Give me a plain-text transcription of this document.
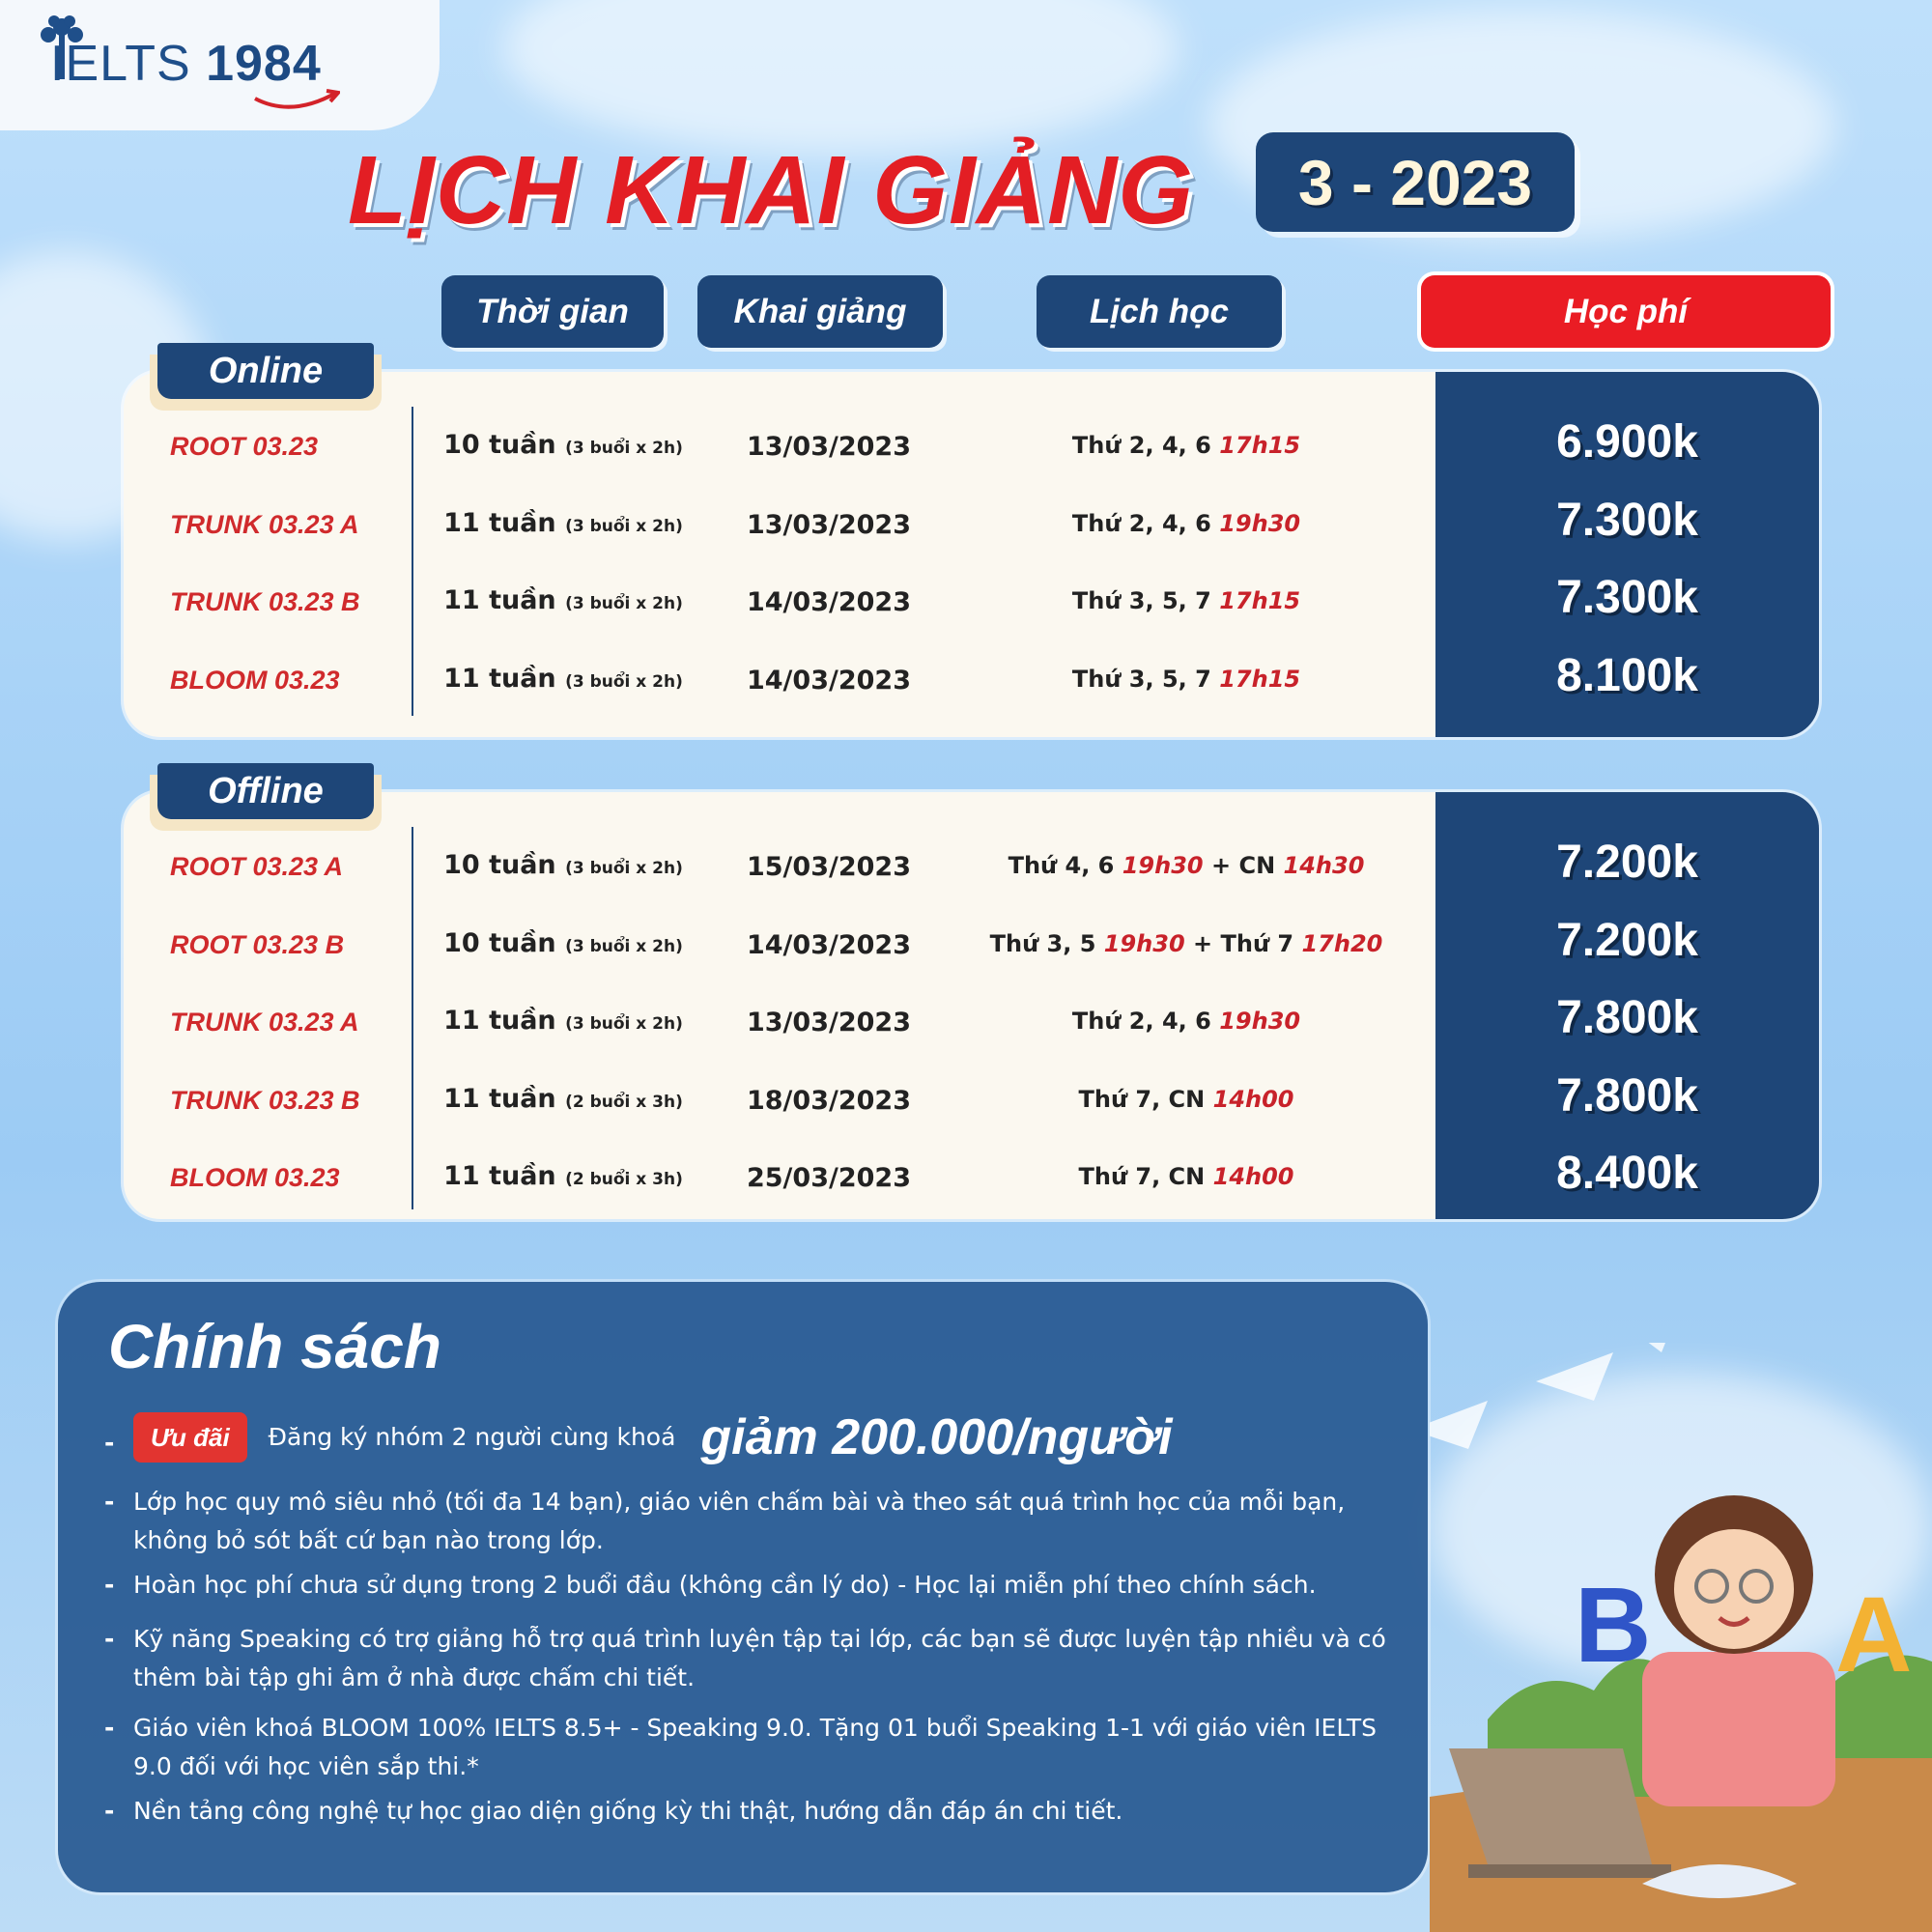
IELTS 1984
LỊCH KHAI GIẢNG 3 - 2023
Thời gian	Khai giảng	Lịch học	Học phí
ROOT 03.23	10 tuần (3 buổi x 2h)	13/03/2023	Thứ 2, 4, 6 17h15	6.900k
TRUNK 03.23 A	11 tuần (3 buổi x 2h)	13/03/2023	Thứ 2, 4, 6 19h30	7.300k
TRUNK 03.23 B	11 tuần (3 buổi x 2h)	14/03/2023	Thứ 3, 5, 7 17h15	7.300k
BLOOM 03.23	11 tuần (3 buổi x 2h)	14/03/2023	Thứ 3, 5, 7 17h15	8.100k
Online
ROOT 03.23 A	10 tuần (3 buổi x 2h)	15/03/2023	Thứ 4, 6 19h30 + CN 14h30	7.200k
ROOT 03.23 B	10 tuần (3 buổi x 2h)	14/03/2023	Thứ 3, 5 19h30 + Thứ 7 17h20	7.200k
TRUNK 03.23 A	11 tuần (3 buổi x 2h)	13/03/2023	Thứ 2, 4, 6 19h30	7.800k
TRUNK 03.23 B	11 tuần (2 buổi x 3h)	18/03/2023	Thứ 7, CN 14h00	7.800k
BLOOM 03.23	11 tuần (2 buổi x 3h)	25/03/2023	Thứ 7, CN 14h00	8.400k
Offline
Chính sách
-	Ưu đãi Đăng ký nhóm 2 người cùng khoá giảm 200.000/người
- Lớp học quy mô siêu nhỏ (tối đa 14 bạn), giáo viên chấm bài và theo sát quá trình học của mỗi bạn, không bỏ sót bất cứ bạn nào trong lớp.
- Hoàn học phí chưa sử dụng trong 2 buổi đầu (không cần lý do) - Học lại miễn phí theo chính sách.
- Kỹ năng Speaking có trợ giảng hỗ trợ quá trình luyện tập tại lớp, các bạn sẽ được luyện tập nhiều và có thêm bài tập ghi âm ở nhà được chấm chi tiết.
- Giáo viên khoá BLOOM 100% IELTS 8.5+ - Speaking 9.0. Tặng 01 buổi Speaking 1-1 với giáo viên IELTS 9.0 đối với học viên sắp thi.*
- Nền tảng công nghệ tự học giao diện giống kỳ thi thật, hướng dẫn đáp án chi tiết.
B A
